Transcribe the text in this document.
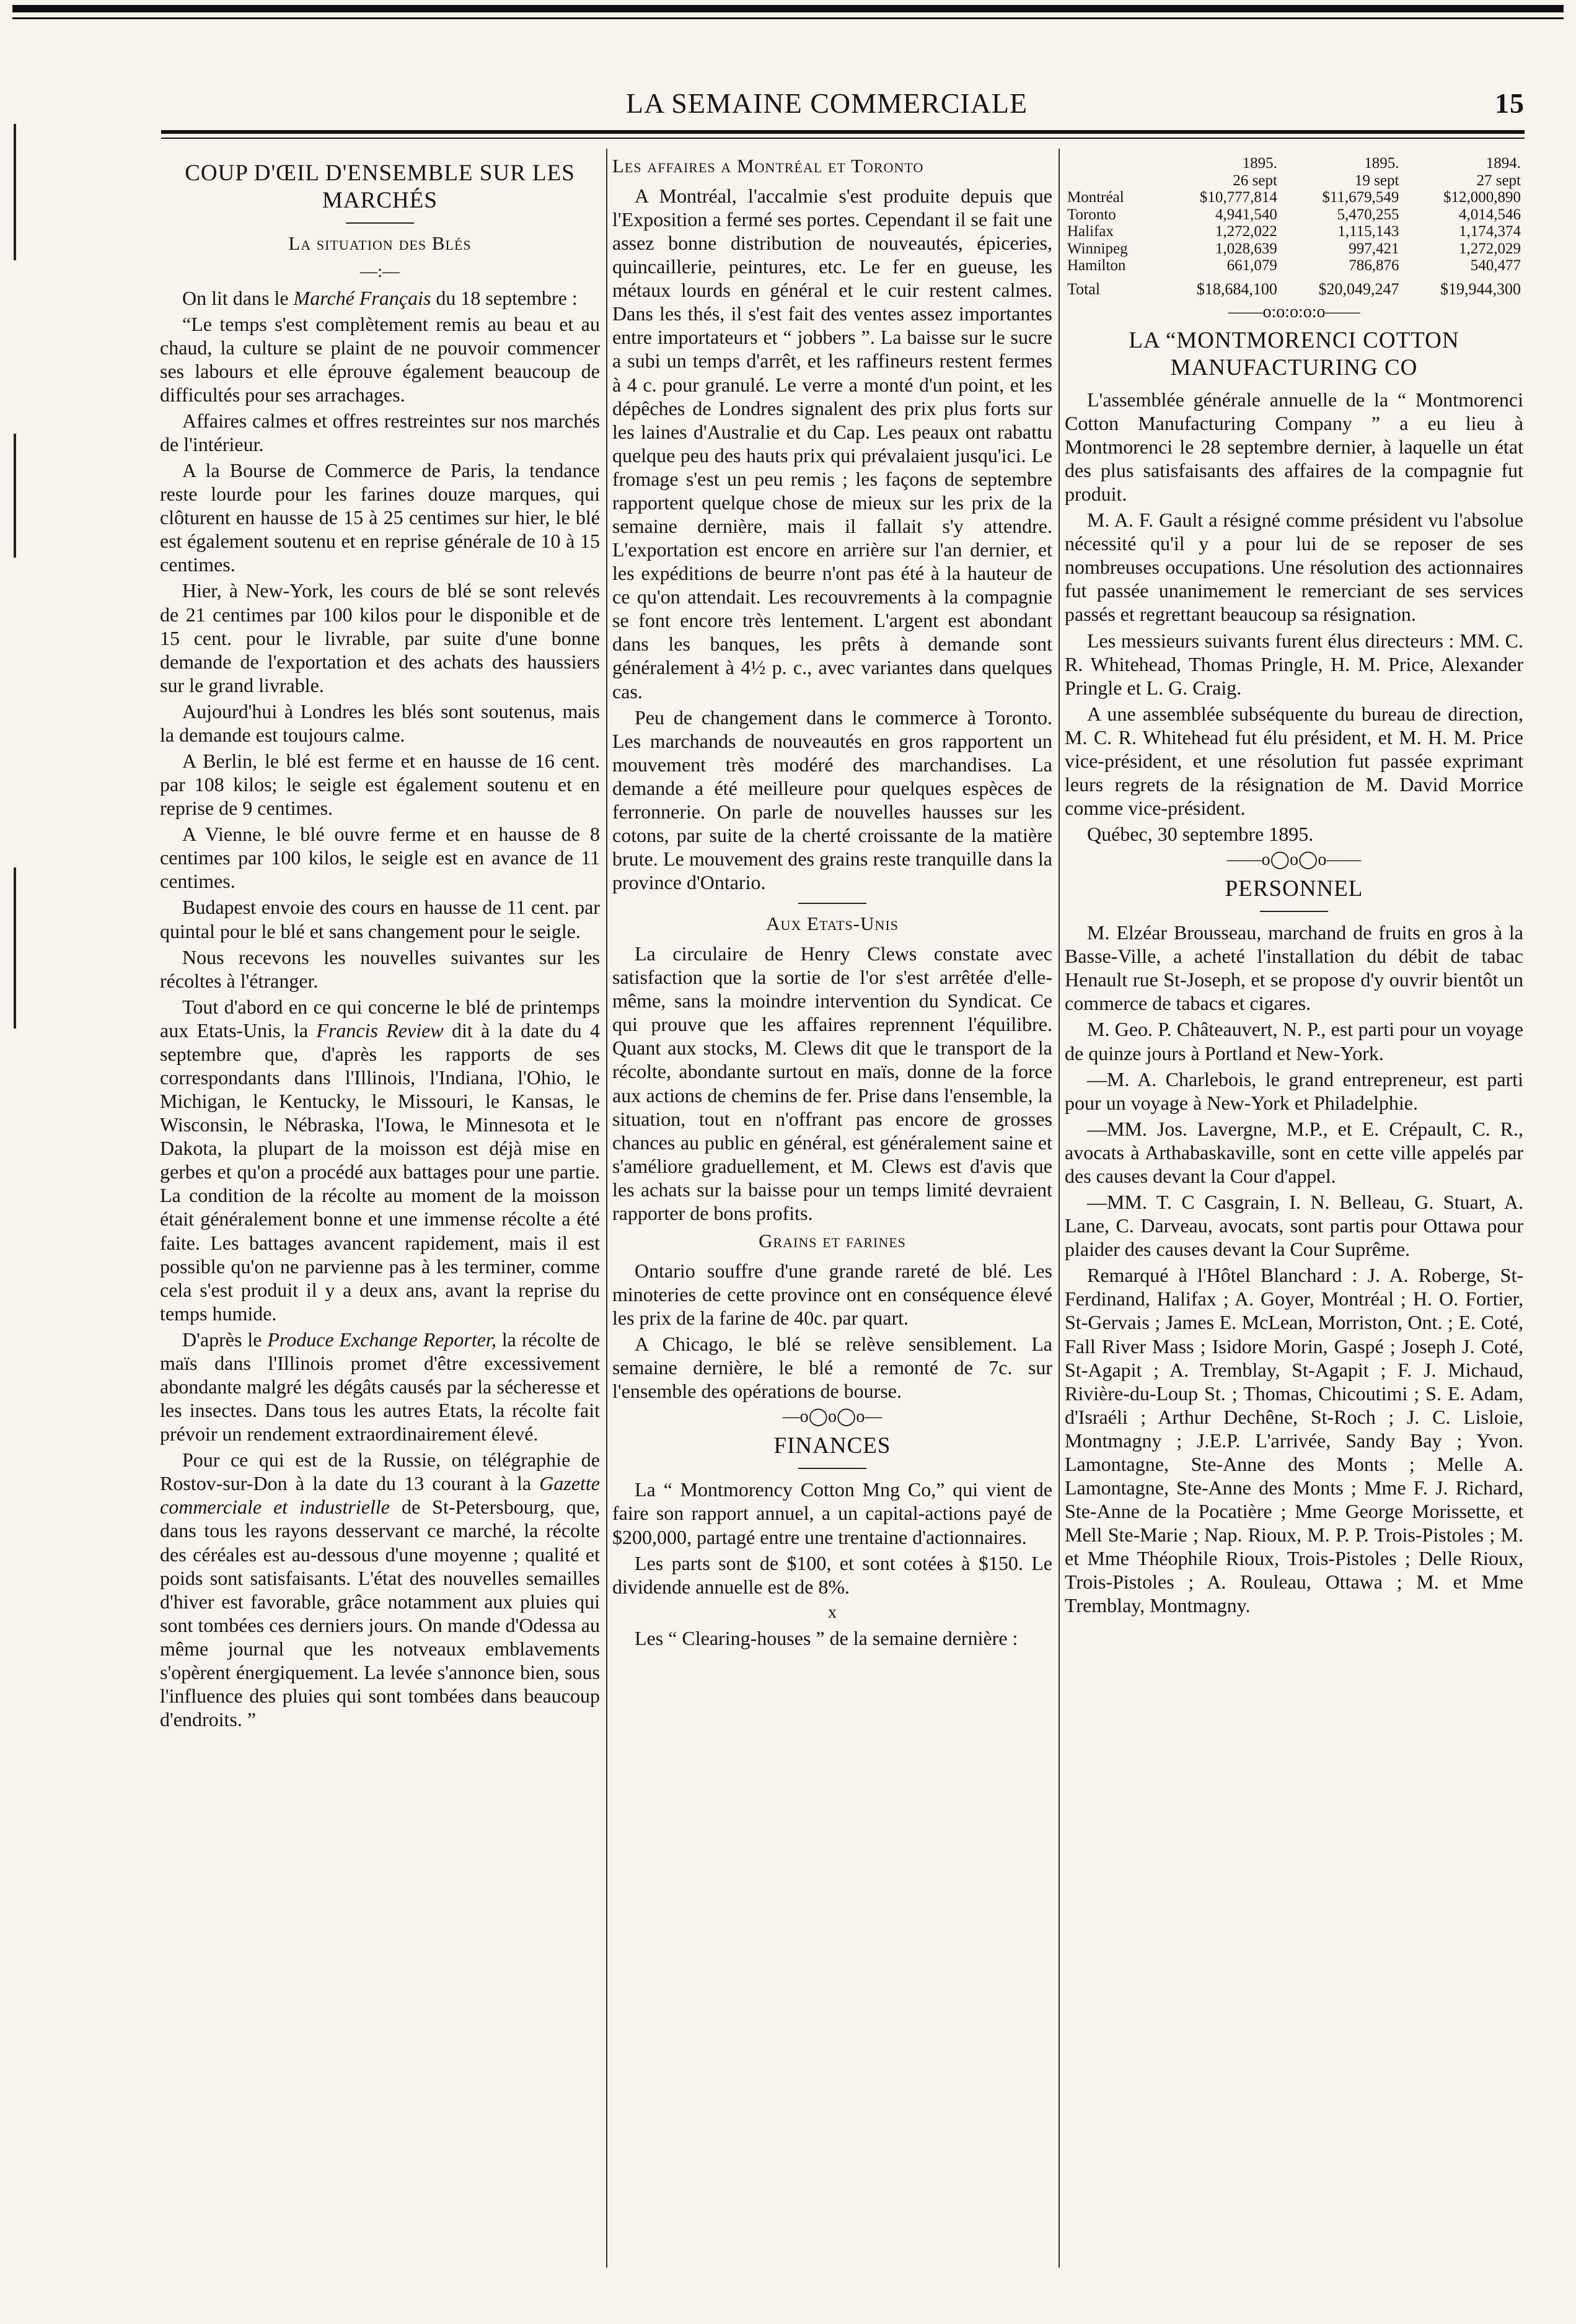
LA SEMAINE COMMERCIALE	15
COUP D'ŒIL D'ENSEMBLE SUR LES MARCHÉS
La situation des Blés
—:—

On lit dans le Marché Français du 18 septembre :

“Le temps s'est complètement remis au beau et au chaud, la culture se plaint de ne pouvoir commencer ses labours et elle éprouve également beaucoup de difficultés pour ses arrachages.

Affaires calmes et offres restreintes sur nos marchés de l'intérieur.

A la Bourse de Commerce de Paris, la tendance reste lourde pour les farines douze marques, qui clôturent en hausse de 15 à 25 centimes sur hier, le blé est également soutenu et en reprise générale de 10 à 15 centimes.

Hier, à New-York, les cours de blé se sont relevés de 21 centimes par 100 kilos pour le disponible et de 15 cent. pour le livrable, par suite d'une bonne demande de l'exportation et des achats des haussiers sur le grand livrable.

Aujourd'hui à Londres les blés sont soutenus, mais la demande est toujours calme.

A Berlin, le blé est ferme et en hausse de 16 cent. par 108 kilos; le seigle est également soutenu et en reprise de 9 centimes.

A Vienne, le blé ouvre ferme et en hausse de 8 centimes par 100 kilos, le seigle est en avance de 11 centimes.

Budapest envoie des cours en hausse de 11 cent. par quintal pour le blé et sans changement pour le seigle.

Nous recevons les nouvelles suivantes sur les récoltes à l'étranger.

Tout d'abord en ce qui concerne le blé de printemps aux Etats-Unis, la Francis Review dit à la date du 4 septembre que, d'après les rapports de ses correspondants dans l'Illinois, l'Indiana, l'Ohio, le Michigan, le Kentucky, le Missouri, le Kansas, le Wisconsin, le Nébraska, l'Iowa, le Minnesota et le Dakota, la plupart de la moisson est déjà mise en gerbes et qu'on a procédé aux battages pour une partie. La condition de la récolte au moment de la moisson était généralement bonne et une immense récolte a été faite. Les battages avancent rapidement, mais il est possible qu'on ne parvienne pas à les terminer, comme cela s'est produit il y a deux ans, avant la reprise du temps humide.

D'après le Produce Exchange Reporter, la récolte de maïs dans l'Illinois promet d'être excessivement abondante malgré les dégâts causés par la sécheresse et les insectes. Dans tous les autres Etats, la récolte fait prévoir un rendement extraordinairement élevé.

Pour ce qui est de la Russie, on télégraphie de Rostov-sur-Don à la date du 13 courant à la Gazette commerciale et industrielle de St-Petersbourg, que, dans tous les rayons desservant ce marché, la récolte des céréales est au-dessous d'une moyenne ; qualité et poids sont satisfaisants. L'état des nouvelles semailles d'hiver est favorable, grâce notamment aux pluies qui sont tombées ces derniers jours. On mande d'Odessa au même journal que les notveaux emblavements s'opèrent énergiquement. La levée s'annonce bien, sous l'influence des pluies qui sont tombées dans beaucoup d'endroits. ”

Les affaires a Montréal et Toronto

A Montréal, l'accalmie s'est produite depuis que l'Exposition a fermé ses portes. Cependant il se fait une assez bonne distribution de nouveautés, épiceries, quincaillerie, peintures, etc. Le fer en gueuse, les métaux lourds en général et le cuir restent calmes. Dans les thés, il s'est fait des ventes assez importantes entre importateurs et “ jobbers ”. La baisse sur le sucre a subi un temps d'arrêt, et les raffineurs restent fermes à 4 c. pour granulé. Le verre a monté d'un point, et les dépêches de Londres signalent des prix plus forts sur les laines d'Australie et du Cap. Les peaux ont rabattu quelque peu des hauts prix qui prévalaient jusqu'ici. Le fromage s'est un peu remis ; les façons de septembre rapportent quelque chose de mieux sur les prix de la semaine dernière, mais il fallait s'y attendre. L'exportation est encore en arrière sur l'an dernier, et les expéditions de beurre n'ont pas été à la hauteur de ce qu'on attendait. Les recouvrements à la compagnie se font encore très lentement. L'argent est abondant dans les banques, les prêts à demande sont généralement à 4½ p. c., avec variantes dans quelques cas.

Peu de changement dans le commerce à Toronto. Les marchands de nouveautés en gros rapportent un mouvement très modéré des marchandises. La demande a été meilleure pour quelques espèces de ferronnerie. On parle de nouvelles hausses sur les cotons, par suite de la cherté croissante de la matière brute. Le mouvement des grains reste tranquille dans la province d'Ontario.

Aux Etats-Unis

La circulaire de Henry Clews constate avec satisfaction que la sortie de l'or s'est arrêtée d'elle-même, sans la moindre intervention du Syndicat. Ce qui prouve que les affaires reprennent l'équilibre. Quant aux stocks, M. Clews dit que le transport de la récolte, abondante surtout en maïs, donne de la force aux actions de chemins de fer. Prise dans l'ensemble, la situation, tout en n'offrant pas encore de grosses chances au public en général, est généralement saine et s'améliore graduellement, et M. Clews est d'avis que les achats sur la baisse pour un temps limité devraient rapporter de bons profits.

Grains et farines

Ontario souffre d'une grande rareté de blé. Les minoteries de cette province ont en conséquence élevé les prix de la farine de 40c. par quart.

A Chicago, le blé se relève sensiblement. La semaine dernière, le blé a remonté de 7c. sur l'ensemble des opérations de bourse.

—o◯o◯o—
FINANCES

La “ Montmorency Cotton Mng Co,” qui vient de faire son rapport annuel, a un capital-actions payé de $200,000, partagé entre une trentaine d'actionnaires.

Les parts sont de $100, et sont cotées à $150. Le dividende annuelle est de 8%.

x

Les “ Clearing-houses ” de la semaine dernière :

	1895.	1895.	1894.
	26 sept	19 sept	27 sept
Montréal	$10,777,814	$11,679,549	$12,000,890
Toronto	4,941,540	5,470,255	4,014,546
Halifax	1,272,022	1,115,143	1,174,374
Winnipeg	1,028,639	997,421	1,272,029
Hamilton	661,079	786,876	540,477
Total	$18,684,100	$20,049,247	$19,944,300
——o:o:o:o:o——
LA “MONTMORENCI COTTON MANUFACTURING CO

L'assemblée générale annuelle de la “ Montmorenci Cotton Manufacturing Company ” a eu lieu à Montmorenci le 28 septembre dernier, à laquelle un état des plus satisfaisants des affaires de la compagnie fut produit.

M. A. F. Gault a résigné comme président vu l'absolue nécessité qu'il y a pour lui de se reposer de ses nombreuses occupations. Une résolution des actionnaires fut passée unanimement le remerciant de ses services passés et regrettant beaucoup sa résignation.

Les messieurs suivants furent élus directeurs : MM. C. R. Whitehead, Thomas Pringle, H. M. Price, Alexander Pringle et L. G. Craig.

A une assemblée subséquente du bureau de direction, M. C. R. Whitehead fut élu président, et M. H. M. Price vice-président, et une résolution fut passée exprimant leurs regrets de la résignation de M. David Morrice comme vice-président.

Québec, 30 septembre 1895.

——o◯o◯o——
PERSONNEL

M. Elzéar Brousseau, marchand de fruits en gros à la Basse-Ville, a acheté l'installation du débit de tabac Henault rue St-Joseph, et se propose d'y ouvrir bientôt un commerce de tabacs et cigares.

M. Geo. P. Châteauvert, N. P., est parti pour un voyage de quinze jours à Portland et New-York.

—M. A. Charlebois, le grand entrepreneur, est parti pour un voyage à New-York et Philadelphie.

—MM. Jos. Lavergne, M.P., et E. Crépault, C. R., avocats à Arthabaskaville, sont en cette ville appelés par des causes devant la Cour d'appel.

—MM. T. C Casgrain, I. N. Belleau, G. Stuart, A. Lane, C. Darveau, avocats, sont partis pour Ottawa pour plaider des causes devant la Cour Suprême.

Remarqué à l'Hôtel Blanchard : J. A. Roberge, St-Ferdinand, Halifax ; A. Goyer, Montréal ; H. O. Fortier, St-Gervais ; James E. McLean, Morriston, Ont. ; E. Coté, Fall River Mass ; Isidore Morin, Gaspé ; Joseph J. Coté, St-Agapit ; A. Tremblay, St-Agapit ; F. J. Michaud, Rivière-du-Loup St. ; Thomas, Chicoutimi ; S. E. Adam, d'Israéli ; Arthur Dechêne, St-Roch ; J. C. Lisloie, Montmagny ; J.E.P. L'arrivée, Sandy Bay ; Yvon. Lamontagne, Ste-Anne des Monts ; Melle A. Lamontagne, Ste-Anne des Monts ; Mme F. J. Richard, Ste-Anne de la Pocatière ; Mme George Morissette, et Mell Ste-Marie ; Nap. Rioux, M. P. P. Trois-Pistoles ; M. et Mme Théophile Rioux, Trois-Pistoles ; Delle Rioux, Trois-Pistoles ; A. Rouleau, Ottawa ; M. et Mme Tremblay, Montmagny.
